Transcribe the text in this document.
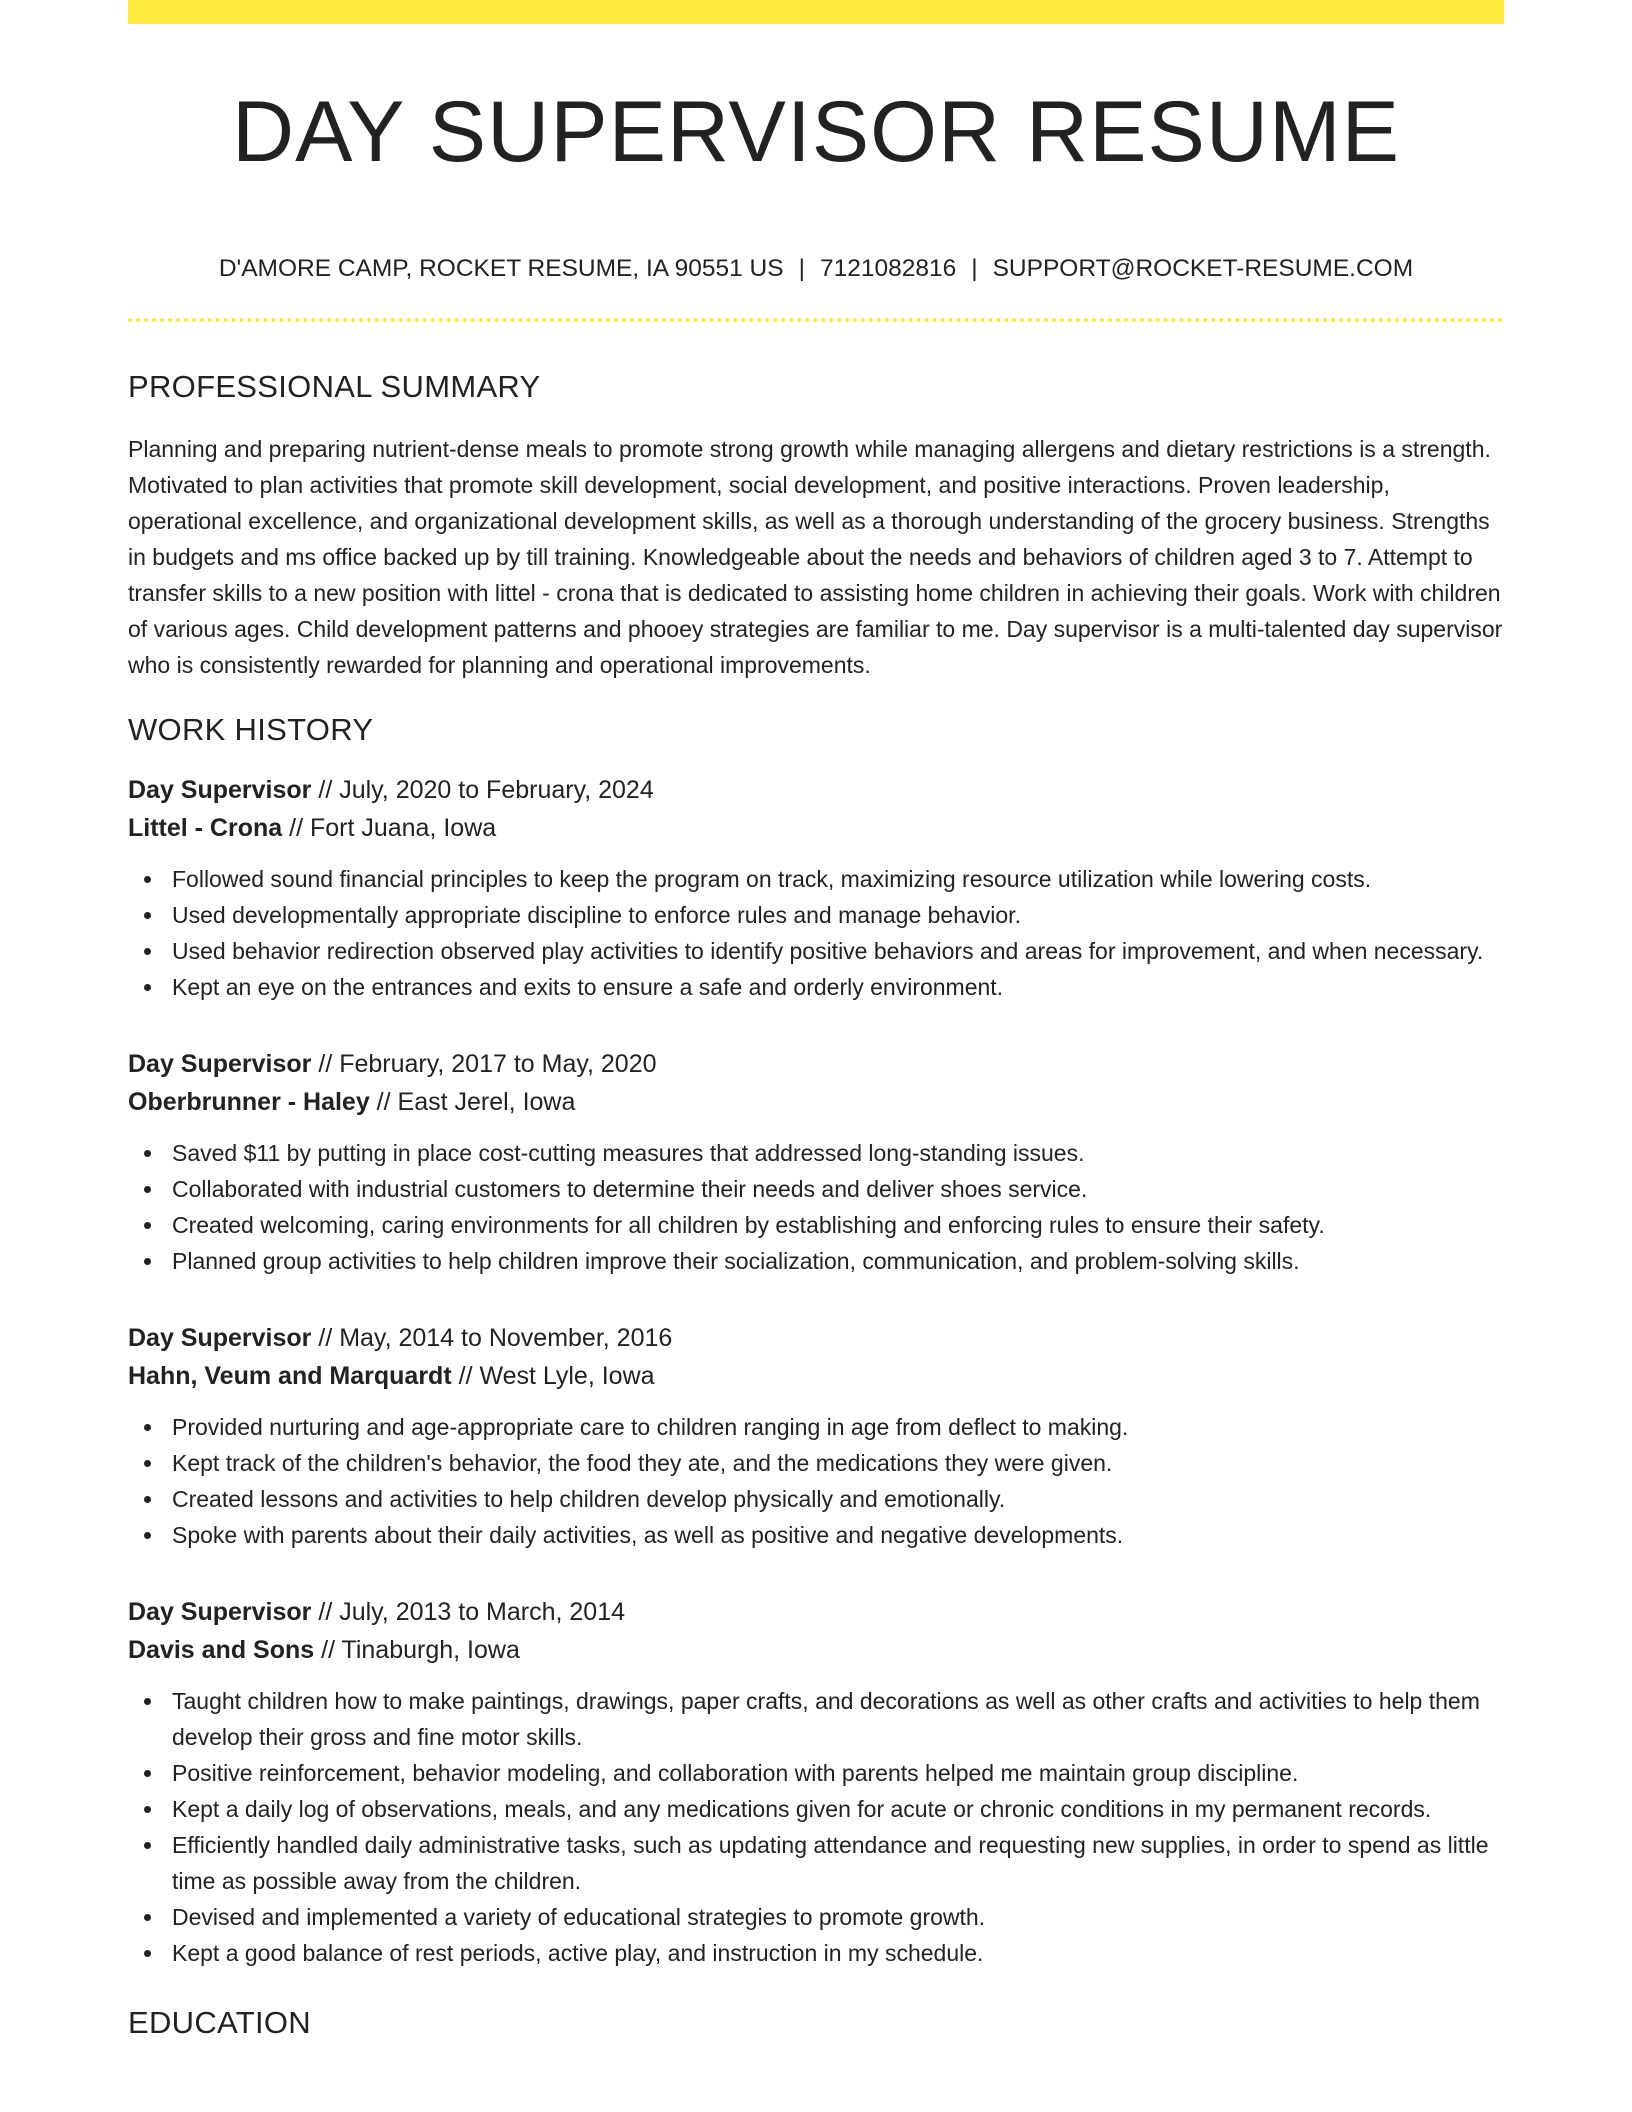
DAY SUPERVISOR RESUME
D'AMORE CAMP, ROCKET RESUME, IA 90551 US | 7121082816 | SUPPORT@ROCKET-RESUME.COM
PROFESSIONAL SUMMARY

Planning and preparing nutrient-dense meals to promote strong growth while managing allergens and dietary restrictions is a strength. Motivated to plan activities that promote skill development, social development, and positive interactions. Proven leadership, operational excellence, and organizational development skills, as well as a thorough understanding of the grocery business. Strengths in budgets and ms office backed up by till training. Knowledgeable about the needs and behaviors of children aged 3 to 7. Attempt to transfer skills to a new position with littel - crona that is dedicated to assisting home children in achieving their goals. Work with children of various ages. Child development patterns and phooey strategies are familiar to me. Day supervisor is a multi-talented day supervisor who is consistently rewarded for planning and operational improvements.

WORK HISTORY
Day Supervisor // July, 2020 to February, 2024
Littel - Crona // Fort Juana, Iowa
Followed sound financial principles to keep the program on track, maximizing resource utilization while lowering costs.
Used developmentally appropriate discipline to enforce rules and manage behavior.
Used behavior redirection observed play activities to identify positive behaviors and areas for improvement, and when necessary.
Kept an eye on the entrances and exits to ensure a safe and orderly environment.
Day Supervisor // February, 2017 to May, 2020
Oberbrunner - Haley // East Jerel, Iowa
Saved $11 by putting in place cost-cutting measures that addressed long-standing issues.
Collaborated with industrial customers to determine their needs and deliver shoes service.
Created welcoming, caring environments for all children by establishing and enforcing rules to ensure their safety.
Planned group activities to help children improve their socialization, communication, and problem-solving skills.
Day Supervisor // May, 2014 to November, 2016
Hahn, Veum and Marquardt // West Lyle, Iowa
Provided nurturing and age-appropriate care to children ranging in age from deflect to making.
Kept track of the children's behavior, the food they ate, and the medications they were given.
Created lessons and activities to help children develop physically and emotionally.
Spoke with parents about their daily activities, as well as positive and negative developments.
Day Supervisor // July, 2013 to March, 2014
Davis and Sons // Tinaburgh, Iowa
Taught children how to make paintings, drawings, paper crafts, and decorations as well as other crafts and activities to help them develop their gross and fine motor skills.
Positive reinforcement, behavior modeling, and collaboration with parents helped me maintain group discipline.
Kept a daily log of observations, meals, and any medications given for acute or chronic conditions in my permanent records.
Efficiently handled daily administrative tasks, such as updating attendance and requesting new supplies, in order to spend as little time as possible away from the children.
Devised and implemented a variety of educational strategies to promote growth.
Kept a good balance of rest periods, active play, and instruction in my schedule.
EDUCATION
